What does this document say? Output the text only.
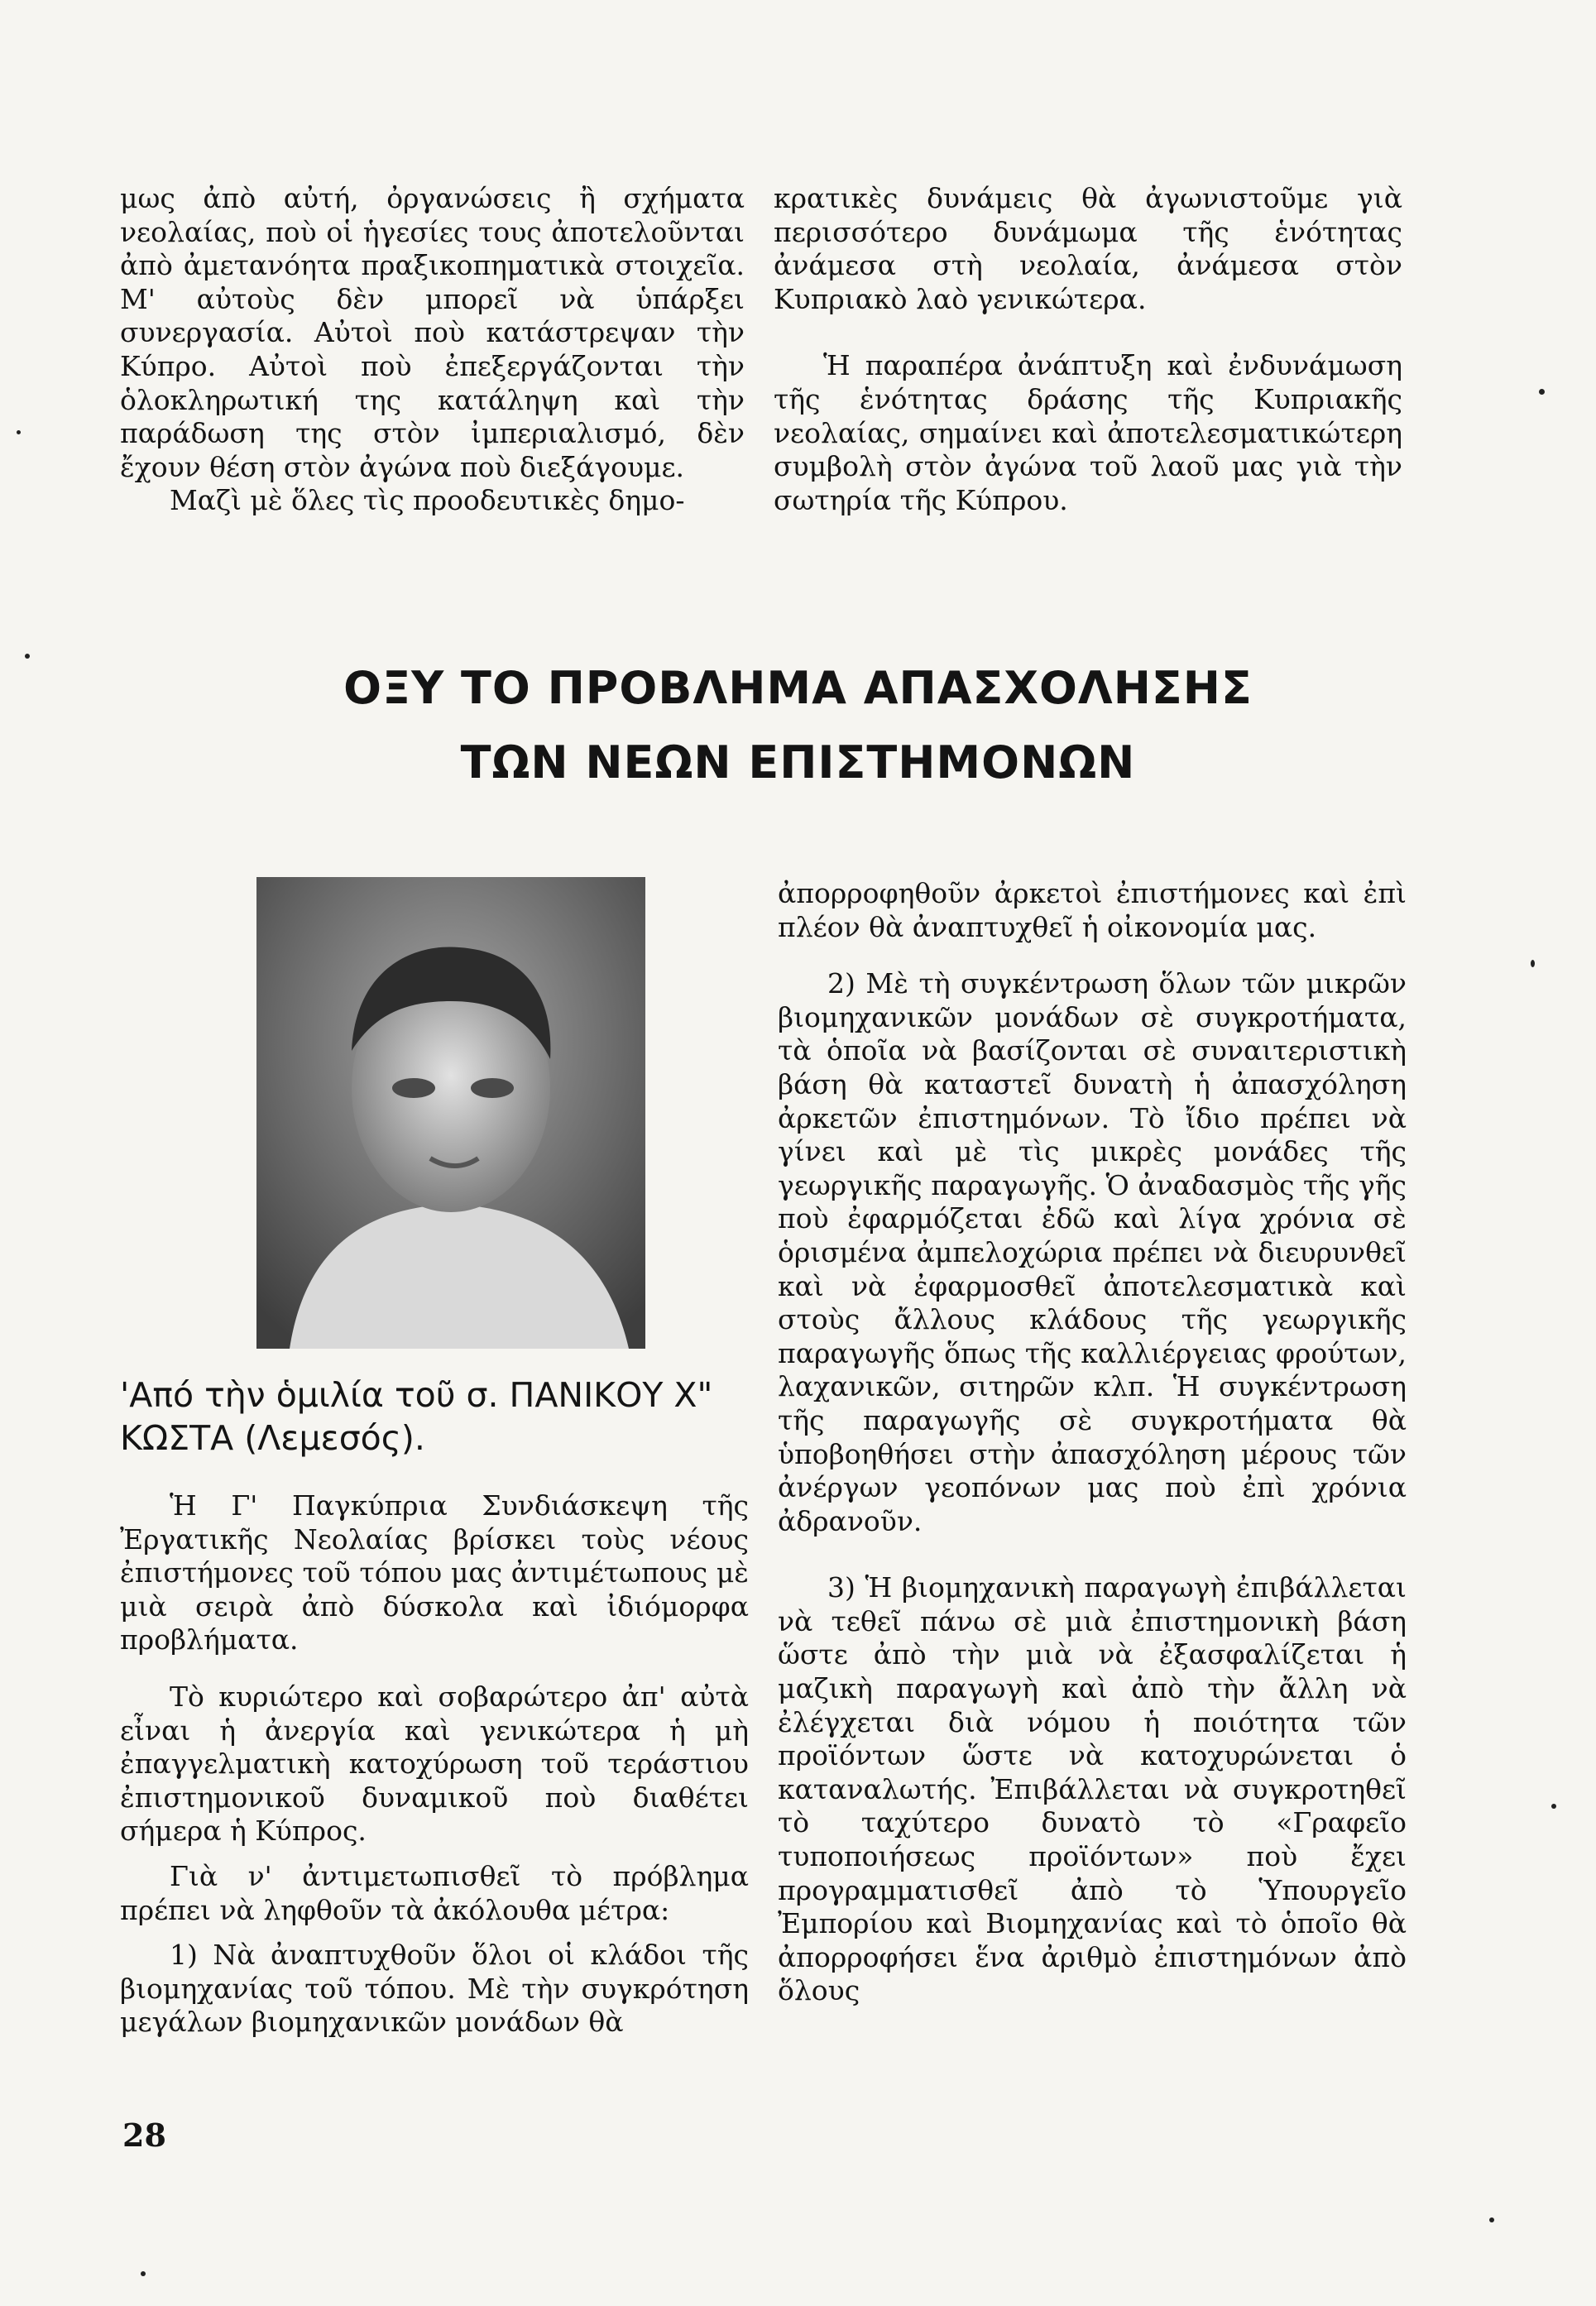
μως ἀπὸ αὐτή, ὀργανώσεις ἢ σχήματα νεολαίας, ποὺ οἱ ἡγεσίες τους ἀποτελοῦνται ἀπὸ ἀμετανόητα πραξικοπηματικὰ στοιχεῖα. Μ' αὐτοὺς δὲν μπορεῖ νὰ ὑπάρξει συνεργασία. Αὐτοὶ ποὺ κατάστρεψαν τὴν Κύπρο. Αὐτοὶ ποὺ ἐπεξεργάζονται τὴν ὁλοκληρωτική της κατάληψη καὶ τὴν παράδωση της στὸν ἰμπεριαλισμό, δὲν ἔχουν θέση στὸν ἀγώνα ποὺ διεξάγουμε.

Μαζὶ μὲ ὅλες τὶς προοδευτικὲς δημο-

κρατικὲς δυνάμεις θὰ ἀγωνιστοῦμε γιὰ περισσότερο δυνάμωμα τῆς ἑνότητας ἀνάμεσα στὴ νεολαία, ἀνάμεσα στὸν Κυπριακὸ λαὸ γενικώτερα.

Ἡ παραπέρα ἀνάπτυξη καὶ ἐνδυνάμωση τῆς ἑνότητας δράσης τῆς Κυπριακῆς νεολαίας, σημαίνει καὶ ἀποτελεσματικώτερη συμβολὴ στὸν ἀγώνα τοῦ λαοῦ μας γιὰ τὴν σωτηρία τῆς Κύπρου.

ΟΞΥ ΤΟ ΠΡΟΒΛΗΜΑ ΑΠΑΣΧΟΛΗΣΗΣ
ΤΩΝ ΝΕΩΝ ΕΠΙΣΤΗΜΟΝΩΝ
'Από τὴν ὁμιλία τοῦ σ. ΠΑΝΙΚΟΥ Χ" ΚΩΣΤΑ (Λεμεσός).

Ἡ Γ' Παγκύπρια Συνδιάσκεψη τῆς Ἐργατικῆς Νεολαίας βρίσκει τοὺς νέους ἐπιστήμονες τοῦ τόπου μας ἀντιμέτωπους μὲ μιὰ σειρὰ ἀπὸ δύσκολα καὶ ἰδιόμορφα προβλήματα.

Τὸ κυριώτερο καὶ σοβαρώτερο ἀπ' αὐτὰ εἶναι ἡ ἀνεργία καὶ γενικώτερα ἡ μὴ ἐπαγγελματικὴ κατοχύρωση τοῦ τεράστιου ἐπιστημονικοῦ δυναμικοῦ ποὺ διαθέτει σήμερα ἡ Κύπρος.

Γιὰ ν' ἀντιμετωπισθεῖ τὸ πρόβλημα πρέπει νὰ ληφθοῦν τὰ ἀκόλουθα μέτρα:

1) Νὰ ἀναπτυχθοῦν ὅλοι οἱ κλάδοι τῆς βιομηχανίας τοῦ τόπου. Μὲ τὴν συγκρότηση μεγάλων βιομηχανικῶν μονάδων θὰ

ἀπορροφηθοῦν ἀρκετοὶ ἐπιστήμονες καὶ ἐπὶ πλέον θὰ ἀναπτυχθεῖ ἡ οἰκονομία μας.

2) Μὲ τὴ συγκέντρωση ὅλων τῶν μικρῶν βιομηχανικῶν μονάδων σὲ συγκροτήματα, τὰ ὁποῖα νὰ βασίζονται σὲ συναιτεριστικὴ βάση θὰ καταστεῖ δυνατὴ ἡ ἀπασχόληση ἀρκετῶν ἐπιστημόνων. Τὸ ἴδιο πρέπει νὰ γίνει καὶ μὲ τὶς μικρὲς μονάδες τῆς γεωργικῆς παραγωγῆς. Ὁ ἀναδασμὸς τῆς γῆς ποὺ ἐφαρμόζεται ἐδῶ καὶ λίγα χρόνια σὲ ὁρισμένα ἀμπελοχώρια πρέπει νὰ διευρυνθεῖ καὶ νὰ ἐφαρμοσθεῖ ἀποτελεσματικὰ καὶ στοὺς ἄλλους κλάδους τῆς γεωργικῆς παραγωγῆς ὅπως τῆς καλλιέργειας φρούτων, λαχανικῶν, σιτηρῶν κλπ. Ἡ συγκέντρωση τῆς παραγωγῆς σὲ συγκροτήματα θὰ ὑποβοηθήσει στὴν ἀπασχόληση μέρους τῶν ἀνέργων γεοπόνων μας ποὺ ἐπὶ χρόνια ἀδρανοῦν.

3) Ἡ βιομηχανικὴ παραγωγὴ ἐπιβάλλεται νὰ τεθεῖ πάνω σὲ μιὰ ἐπιστημονικὴ βάση ὥστε ἀπὸ τὴν μιὰ νὰ ἐξασφαλίζεται ἡ μαζικὴ παραγωγὴ καὶ ἀπὸ τὴν ἄλλη νὰ ἐλέγχεται διὰ νόμου ἡ ποιότητα τῶν προϊόντων ὥστε νὰ κατοχυρώνεται ὁ καταναλωτής. Ἐπιβάλλεται νὰ συγκροτηθεῖ τὸ ταχύτερο δυνατὸ τὸ «Γραφεῖο τυποποιήσεως προϊόντων» ποὺ ἔχει προγραμματισθεῖ ἀπὸ τὸ Ὑπουργεῖο Ἐμπορίου καὶ Βιομηχανίας καὶ τὸ ὁποῖο θὰ ἀπορροφήσει ἕνα ἀριθμὸ ἐπιστημόνων ἀπὸ ὅλους

28
